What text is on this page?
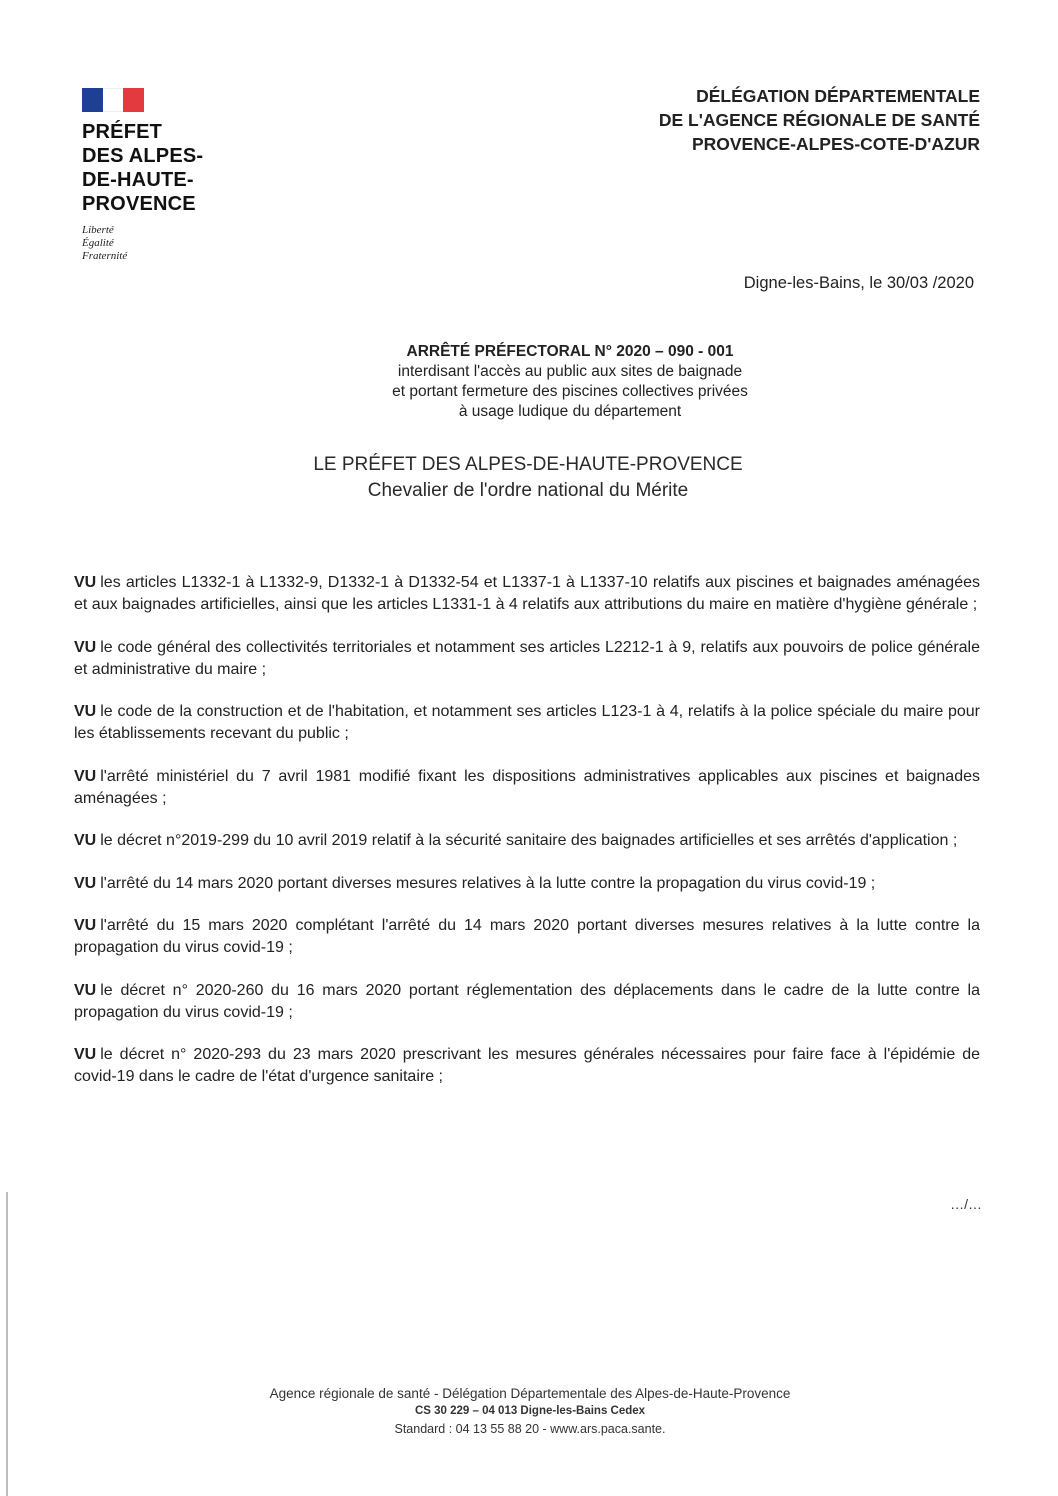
PRÉFET
DES ALPES-
DE-HAUTE-
PROVENCE
Liberté
Égalité
Fraternité
DÉLÉGATION DÉPARTEMENTALE
DE L'AGENCE RÉGIONALE DE SANTÉ
PROVENCE-ALPES-COTE-D'AZUR
Digne-les-Bains, le 30/03 /2020
ARRÊTÉ PRÉFECTORAL N° 2020 – 090 - 001
interdisant l'accès au public aux sites de baignade
et portant fermeture des piscines collectives privées
à usage ludique du département
LE PRÉFET DES ALPES-DE-HAUTE-PROVENCE
Chevalier de l'ordre national du Mérite

VU les articles L1332-1 à L1332-9, D1332-1 à D1332-54 et L1337-1 à L1337-10 relatifs aux piscines et baignades aménagées et aux baignades artificielles, ainsi que les articles L1331-1 à 4 relatifs aux attributions du maire en matière d'hygiène générale ;

VU le code général des collectivités territoriales et notamment ses articles L2212-1 à 9, relatifs aux pouvoirs de police générale et administrative du maire ;

VU le code de la construction et de l'habitation, et notamment ses articles L123-1 à 4, relatifs à la police spéciale du maire pour les établissements recevant du public ;

VU l'arrêté ministériel du 7 avril 1981 modifié fixant les dispositions administratives applicables aux piscines et baignades aménagées ;

VU le décret n°2019-299 du 10 avril 2019 relatif à la sécurité sanitaire des baignades artificielles et ses arrêtés d'application ;

VU l'arrêté du 14 mars 2020 portant diverses mesures relatives à la lutte contre la propagation du virus covid-19 ;

VU l'arrêté du 15 mars 2020 complétant l'arrêté du 14 mars 2020 portant diverses mesures relatives à la lutte contre la propagation du virus covid-19 ;

VU le décret n° 2020-260 du 16 mars 2020 portant réglementation des déplacements dans le cadre de la lutte contre la propagation du virus covid-19 ;

VU le décret n° 2020-293 du 23 mars 2020 prescrivant les mesures générales nécessaires pour faire face à l'épidémie de covid-19 dans le cadre de l'état d'urgence sanitaire ;

…/…
Agence régionale de santé - Délégation Départementale des Alpes-de-Haute-Provence
CS 30 229 – 04 013 Digne-les-Bains Cedex
Standard : 04 13 55 88 20 - www.ars.paca.sante.
